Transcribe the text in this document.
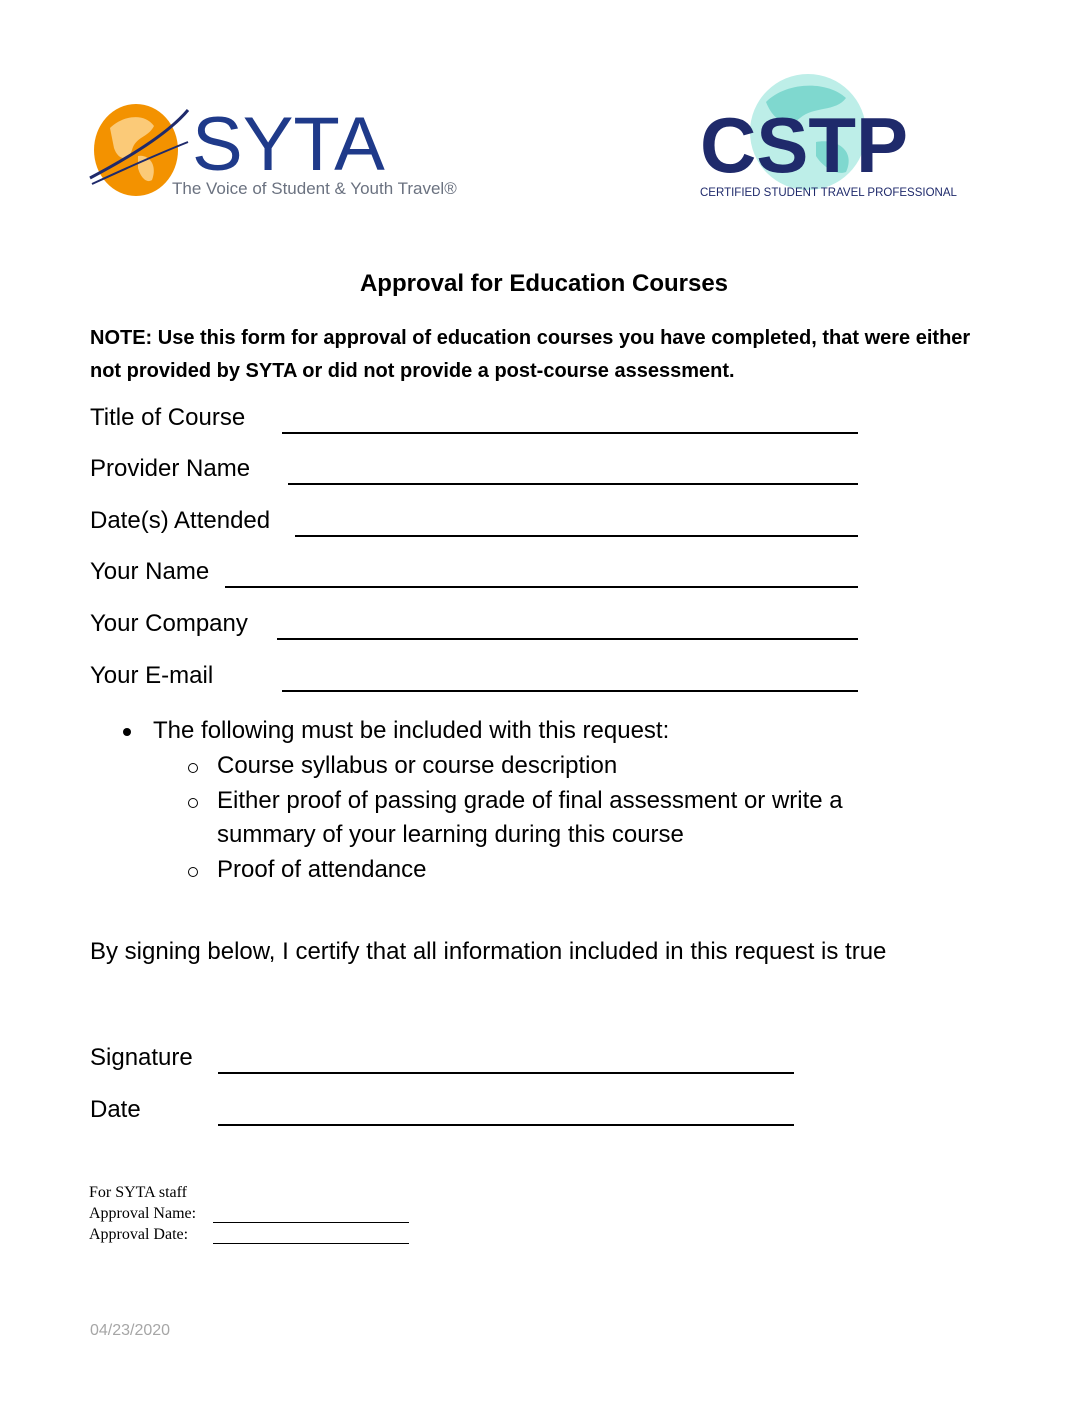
SYTA
The Voice of Student & Youth Travel®	CSTP
CERTIFIED STUDENT TRAVEL PROFESSIONAL
Approval for Education Courses
NOTE: Use this form for approval of education courses you have completed, that were either not provided by SYTA or did not provide a post-course assessment.
Title of Course
Provider Name
Date(s) Attended
Your Name
Your Company
Your E-mail
The following must be included with this request:
Course syllabus or course description
Either proof of passing grade of final assessment or write a summary of your learning during this course
Proof of attendance
By signing below, I certify that all information included in this request is true
Signature
Date
For SYTA staff
Approval Name:
Approval Date:
04/23/2020
